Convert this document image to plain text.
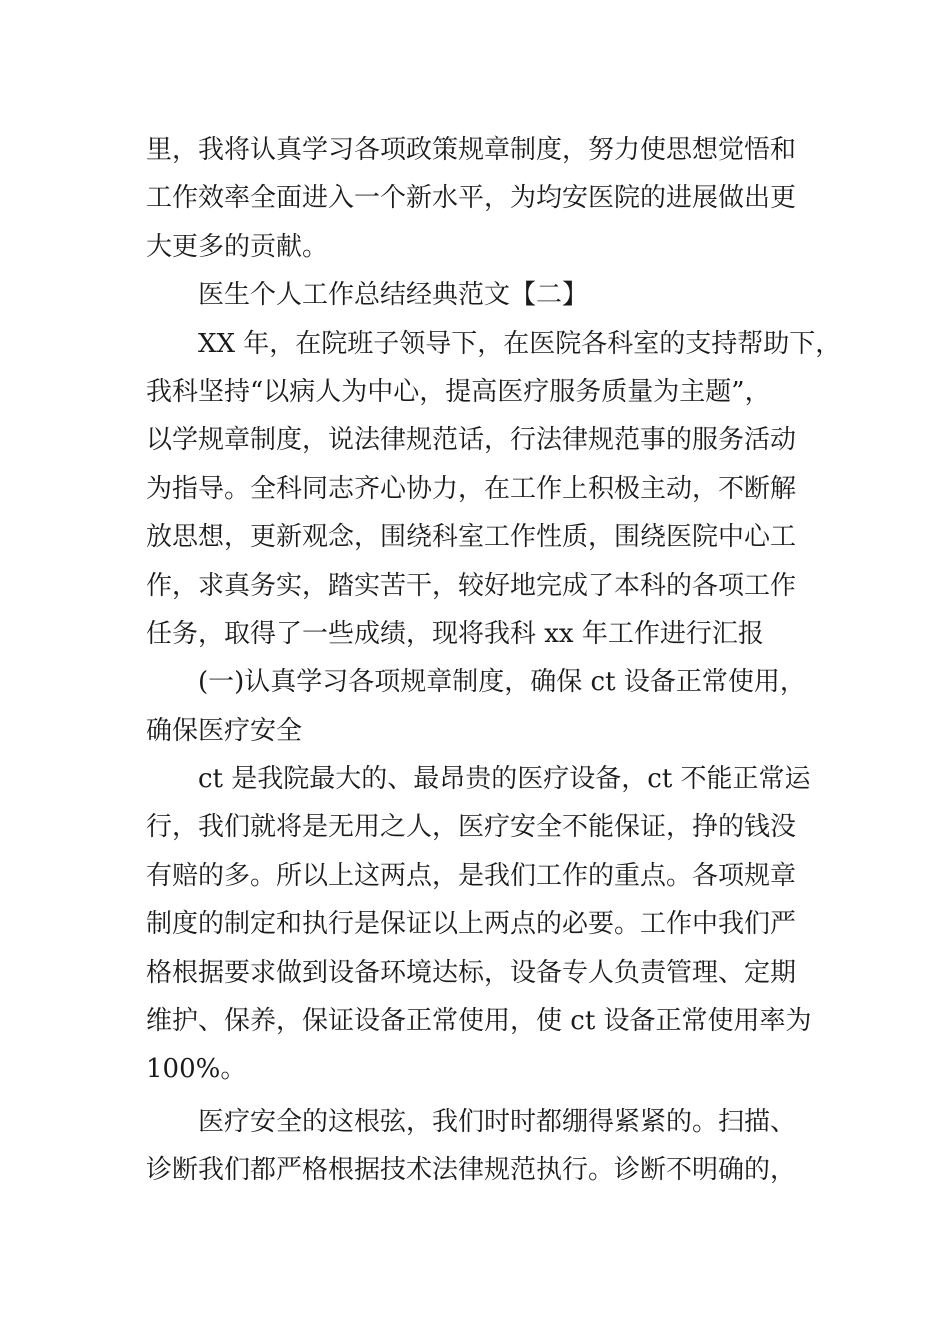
里，我将认真学习各项政策规章制度，努力使思想觉悟和
工作效率全面进入一个新水平，为均安医院的进展做出更
大更多的贡献。
医生个人工作总结经典范文【二】
XX 年，在院班子领导下，在医院各科室的支持帮助下，
我科坚持“以病人为中心，提高医疗服务质量为主题”，
以学规章制度，说法律规范话，行法律规范事的服务活动
为指导。全科同志齐心协力，在工作上积极主动，不断解
放思想，更新观念，围绕科室工作性质，围绕医院中心工
作，求真务实，踏实苦干，较好地完成了本科的各项工作
任务，取得了一些成绩，现将我科 xx 年工作进行汇报
(一)认真学习各项规章制度，确保 ct 设备正常使用，
确保医疗安全
ct 是我院最大的、最昂贵的医疗设备，ct 不能正常运
行，我们就将是无用之人，医疗安全不能保证，挣的钱没
有赔的多。所以上这两点，是我们工作的重点。各项规章
制度的制定和执行是保证以上两点的必要。工作中我们严
格根据要求做到设备环境达标，设备专人负责管理、定期
维护、保养，保证设备正常使用，使 ct 设备正常使用率为
100%。
医疗安全的这根弦，我们时时都绷得紧紧的。扫描、
诊断我们都严格根据技术法律规范执行。诊断不明确的，
